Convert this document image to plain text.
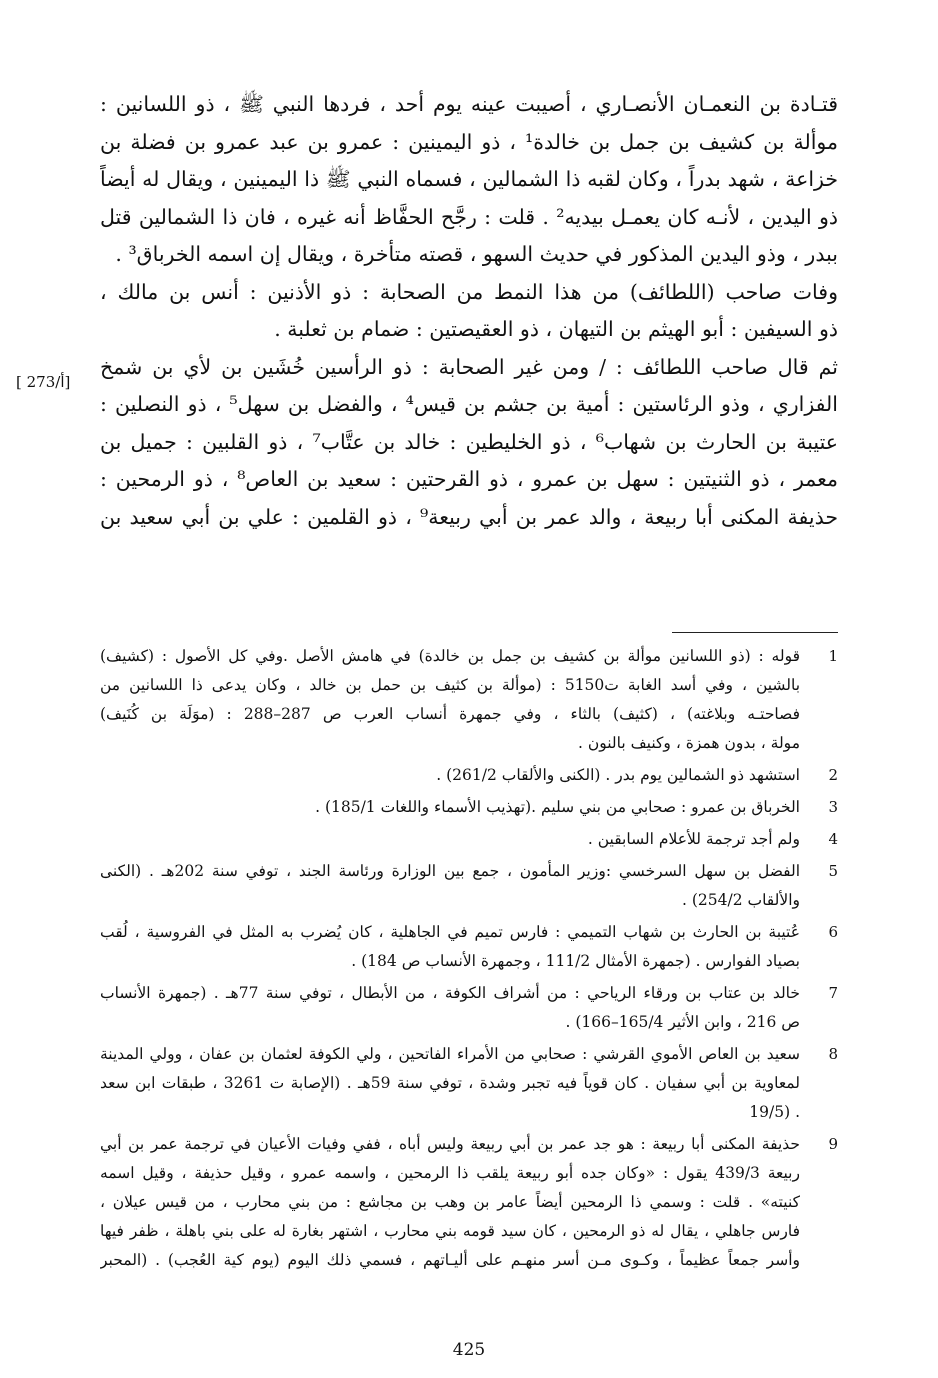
قتـادة بن النعمـان الأنصـاري ، أصيبت عينه يوم أحد ، فردها النبي ﷺ ، ذو اللسانين :
موألة بن كشيف بن جمل بن خالدة¹ ، ذو اليمينين : عمرو بن عبد عمرو بن فضلة بن
خزاعة ، شهد بدراً ، وكان لقبه ذا الشمالين ، فسماه النبي ﷺ ذا اليمينين ، ويقال له أيضاً
ذو اليدين ، لأنـه كان يعمـل بيديه² . قلت : رجَّح الحفَّاظ أنه غيره ، فان ذا الشمالين قتل
ببدر ، وذو اليدين المذكور في حديث السهو ، قصته متأخرة ، ويقال إن اسمه الخرباق³ .
وفات صاحب (اللطائف) من هذا النمط من الصحابة : ذو الأذنين : أنس بن مالك ،
ذو السيفين : أبو الهيثم بن التيهان ، ذو العقيصتين : ضمام بن ثعلبة .
ثم قال صاحب اللطائف : / ومن غير الصحابة : ذو الرأسين خُشَين بن لأي بن شمخ
الفزاري ، وذو الرئاستين : أمية بن جشم بن قيس⁴ ، والفضل بن سهل⁵ ، ذو النصلين :
عتيبة بن الحارث بن شهاب⁶ ، ذو الخليطين : خالد بن عتَّاب⁷ ، ذو القلبين : جميل بن
معمر ، ذو الثنيتين : سهل بن عمرو ، ذو القرحتين : سعيد بن العاص⁸ ، ذو الرمحين :
حذيفة المكنى أبا ربيعة ، والد عمر بن أبي ربيعة⁹ ، ذو القلمين : علي بن أبي سعيد بن
[ 273/أ]
1
قوله : (ذو اللسانين موألة بن كشيف بن جمل بن خالدة) في هامش الأصل .وفي كل الأصول : (كشيف)
بالشين ، وفي أسد الغابة ت5150 : (موألة بن كثيف بن حمل بن خالد ، وكان يدعى ذا اللسانين من
فصاحتـه وبلاغته) ، (كثيف) بالثاء ، وفي جمهرة أنساب العرب ص 287–288 : (موَلَة بن كُنَيف)
مولة ، بدون همزة ، وكنيف بالنون .
2
استشهد ذو الشمالين يوم بدر . (الكنى والألقاب 261/2) .
3
الخرباق بن عمرو : صحابي من بني سليم .(تهذيب الأسماء واللغات 185/1) .
4
ولم أجد ترجمة للأعلام السابقين .
5
الفضل بن سهل السرخسي :وزير المأمون ، جمع بين الوزارة ورئاسة الجند ، توفي سنة 202هـ . (الكنى
والألقاب 254/2) .
6
عُتيبة بن الحارث بن شهاب التميمي : فارس تميم في الجاهلية ، كان يُضرب به المثل في الفروسية ، لُقب
بصياد الفوارس . (جمهرة الأمثال 111/2 ، وجمهرة الأنساب ص 184) .
7
خالد بن عتاب بن ورقاء الرياحي : من أشراف الكوفة ، من الأبطال ، توفي سنة 77هـ . (جمهرة الأنساب
ص 216 ، وابن الأثير 165/4–166) .
8
سعيد بن العاص الأموي القرشي : صحابي من الأمراء الفاتحين ، ولي الكوفة لعثمان بن عفان ، وولي المدينة
لمعاوية بن أبي سفيان . كان قوياً فيه تجبر وشدة ، توفي سنة 59هـ . (الإصابة ت 3261 ، طبقات ابن سعد
. (19/5
9
حذيفة المكنى أبا ربيعة : هو جد عمر بن أبي ربيعة وليس أباه ، ففي وفيات الأعيان في ترجمة عمر بن أبي
ربيعة 439/3 يقول : «وكان جده أبو ربيعة يلقب ذا الرمحين ، واسمه عمرو ، وقيل حذيفة ، وقيل اسمه
كنيته» . قلت : وسمي ذا الرمحين أيضاً عامر بن وهب بن مجاشع : من بني محارب ، من قيس عيلان ،
فارس جاهلي ، يقال له ذو الرمحين ، كان سيد قومه بني محارب ، اشتهر بغارة له على بني باهلة ، ظفر فيها
وأسر جمعاً عظيماً ، وكـوى مـن أسر منهـم على أليـاتهم ، فسمي ذلك اليوم (يوم كية العُجب) . (المحبر
425
